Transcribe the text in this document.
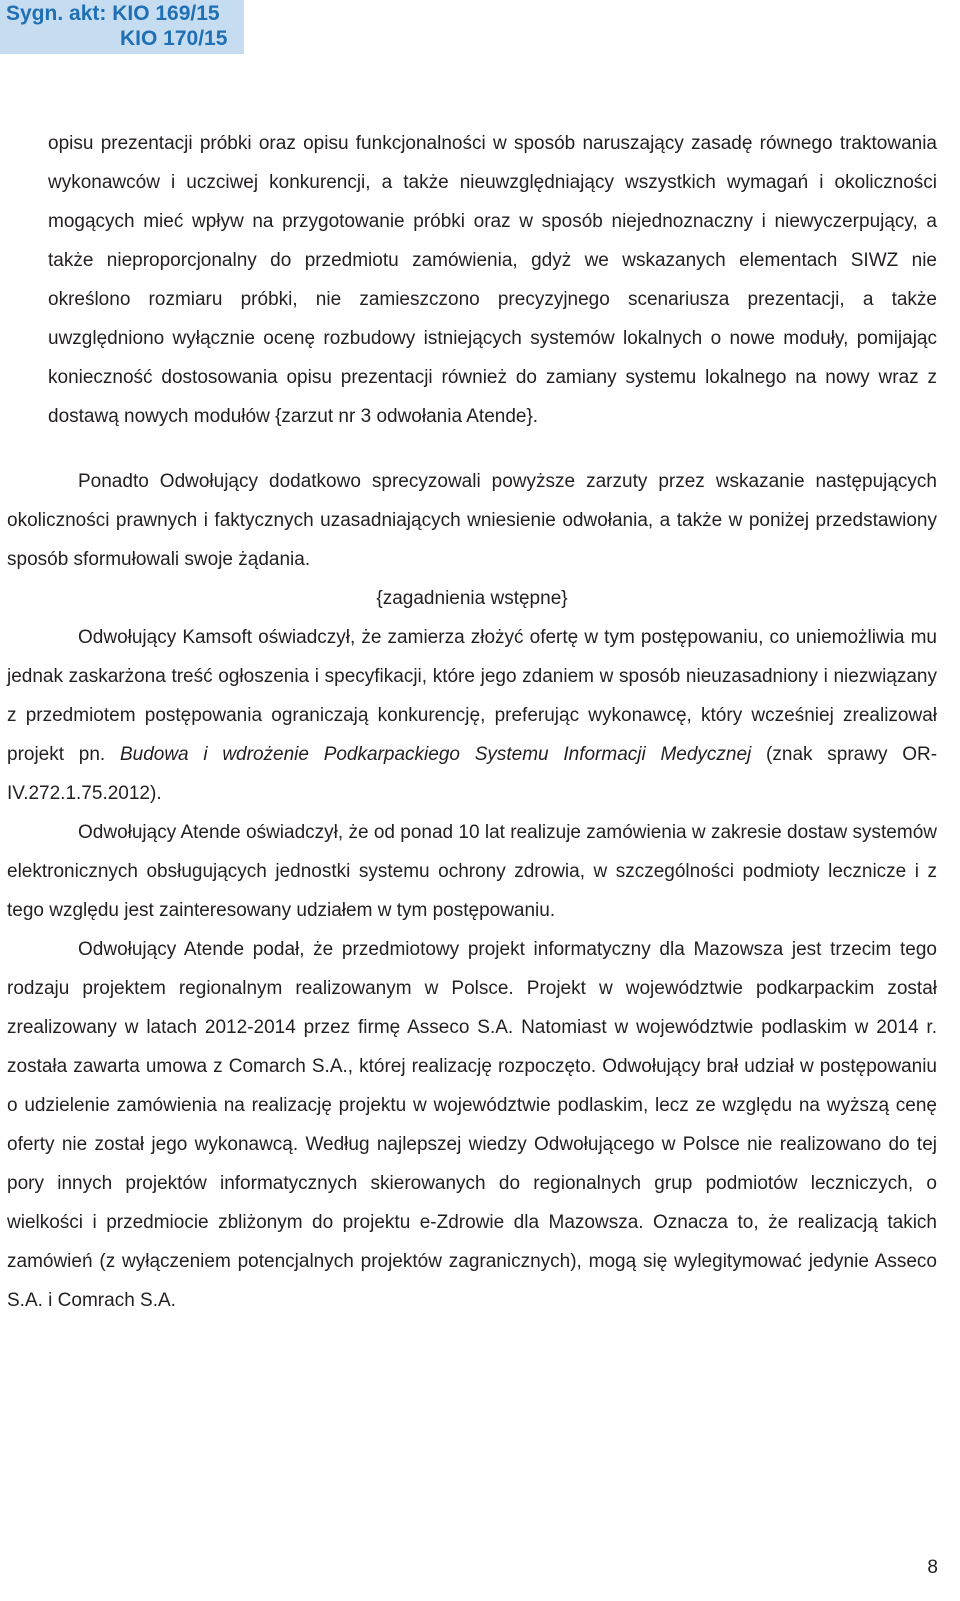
Sygn. akt: KIO 169/15
KIO 170/15

opisu prezentacji próbki oraz opisu funkcjonalności w sposób naruszający zasadę równego traktowania wykonawców i uczciwej konkurencji, a także nieuwzględniający wszystkich wymagań i okoliczności mogących mieć wpływ na przygotowanie próbki oraz w sposób niejednoznaczny i niewyczerpujący, a także nieproporcjonalny do przedmiotu zamówienia, gdyż we wskazanych elementach SIWZ nie określono rozmiaru próbki, nie zamieszczono precyzyjnego scenariusza prezentacji, a także uwzględniono wyłącznie ocenę rozbudowy istniejących systemów lokalnych o nowe moduły, pomijając konieczność dostosowania opisu prezentacji również do zamiany systemu lokalnego na nowy wraz z dostawą nowych modułów {zarzut nr 3 odwołania Atende}.

Ponadto Odwołujący dodatkowo sprecyzowali powyższe zarzuty przez wskazanie następujących okoliczności prawnych i faktycznych uzasadniających wniesienie odwołania, a także w poniżej przedstawiony sposób sformułowali swoje żądania.

{zagadnienia wstępne}

Odwołujący Kamsoft oświadczył, że zamierza złożyć ofertę w tym postępowaniu, co uniemożliwia mu jednak zaskarżona treść ogłoszenia i specyfikacji, które jego zdaniem w sposób nieuzasadniony i niezwiązany z przedmiotem postępowania ograniczają konkurencję, preferując wykonawcę, który wcześniej zrealizował projekt pn. Budowa i wdrożenie Podkarpackiego Systemu Informacji Medycznej (znak sprawy OR-IV.272.1.75.2012).

Odwołujący Atende oświadczył, że od ponad 10 lat realizuje zamówienia w zakresie dostaw systemów elektronicznych obsługujących jednostki systemu ochrony zdrowia, w szczególności podmioty lecznicze i z tego względu jest zainteresowany udziałem w tym postępowaniu.

Odwołujący Atende podał, że przedmiotowy projekt informatyczny dla Mazowsza jest trzecim tego rodzaju projektem regionalnym realizowanym w Polsce. Projekt w województwie podkarpackim został zrealizowany w latach 2012-2014 przez firmę Asseco S.A. Natomiast w województwie podlaskim w 2014 r. została zawarta umowa z Comarch S.A., której realizację rozpoczęto. Odwołujący brał udział w postępowaniu o udzielenie zamówienia na realizację projektu w województwie podlaskim, lecz ze względu na wyższą cenę oferty nie został jego wykonawcą. Według najlepszej wiedzy Odwołującego w Polsce nie realizowano do tej pory innych projektów informatycznych skierowanych do regionalnych grup podmiotów leczniczych, o wielkości i przedmiocie zbliżonym do projektu e-Zdrowie dla Mazowsza. Oznacza to, że realizacją takich zamówień (z wyłączeniem potencjalnych projektów zagranicznych), mogą się wylegitymować jedynie Asseco S.A. i Comrach S.A.

8
